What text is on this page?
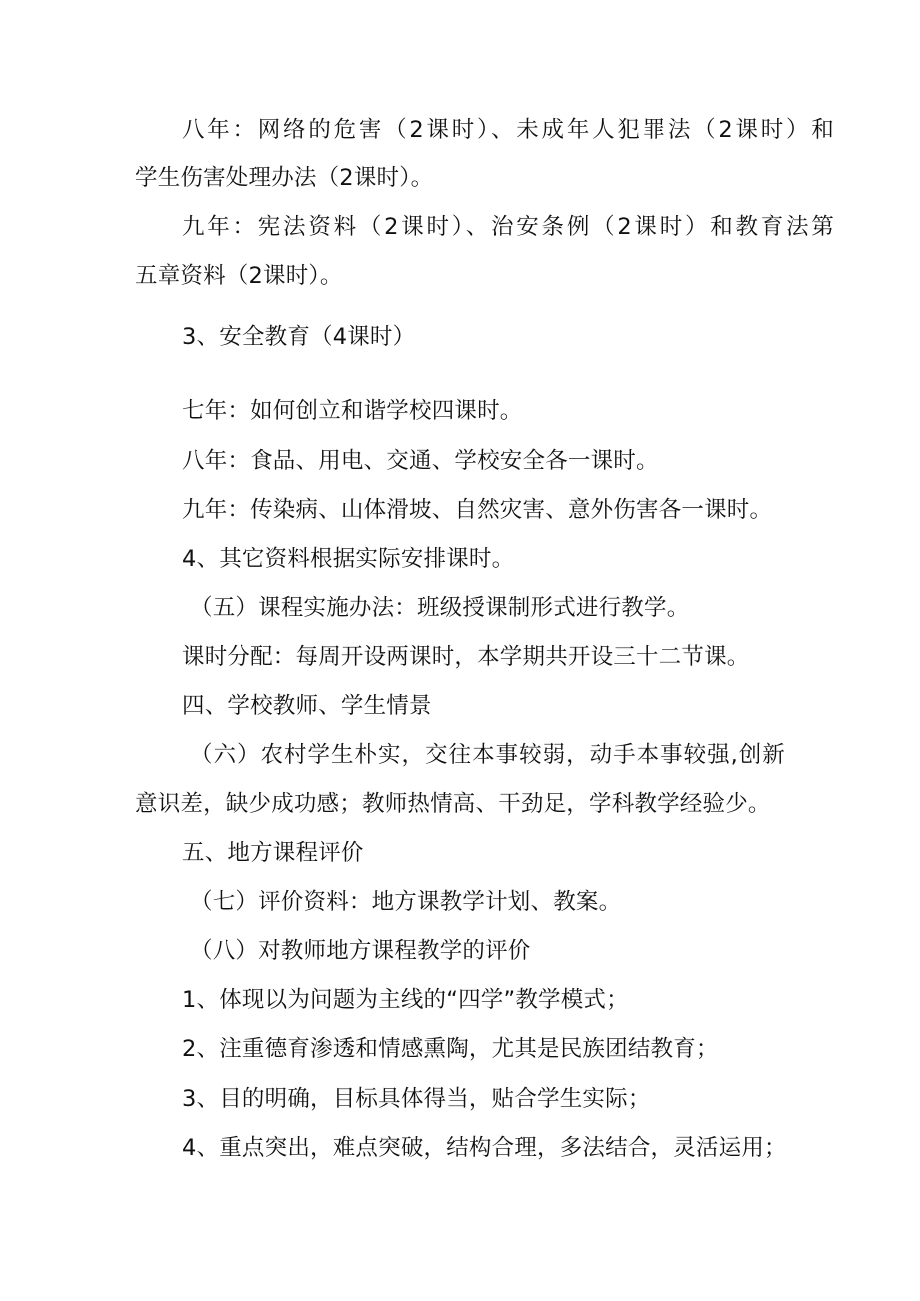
八年：网络的危害（2课时）、未成年人犯罪法（2课时）和
学生伤害处理办法（2课时）。
九年：宪法资料（2课时）、治安条例（2课时）和教育法第
五章资料（2课时）。
3、安全教育（4课时）
七年：如何创立和谐学校四课时。
八年：食品、用电、交通、学校安全各一课时。
九年：传染病、山体滑坡、自然灾害、意外伤害各一课时。
4、其它资料根据实际安排课时。
（五）课程实施办法：班级授课制形式进行教学。
课时分配：每周开设两课时，本学期共开设三十二节课。
四、学校教师、学生情景
（六）农村学生朴实，交往本事较弱，动手本事较强,创新
意识差，缺少成功感；教师热情高、干劲足，学科教学经验少。
五、地方课程评价
（七）评价资料：地方课教学计划、教案。
（八）对教师地方课程教学的评价
1、体现以为问题为主线的“四学”教学模式；
2、注重德育渗透和情感熏陶，尤其是民族团结教育；
3、目的明确，目标具体得当，贴合学生实际；
4、重点突出，难点突破，结构合理，多法结合，灵活运用；
